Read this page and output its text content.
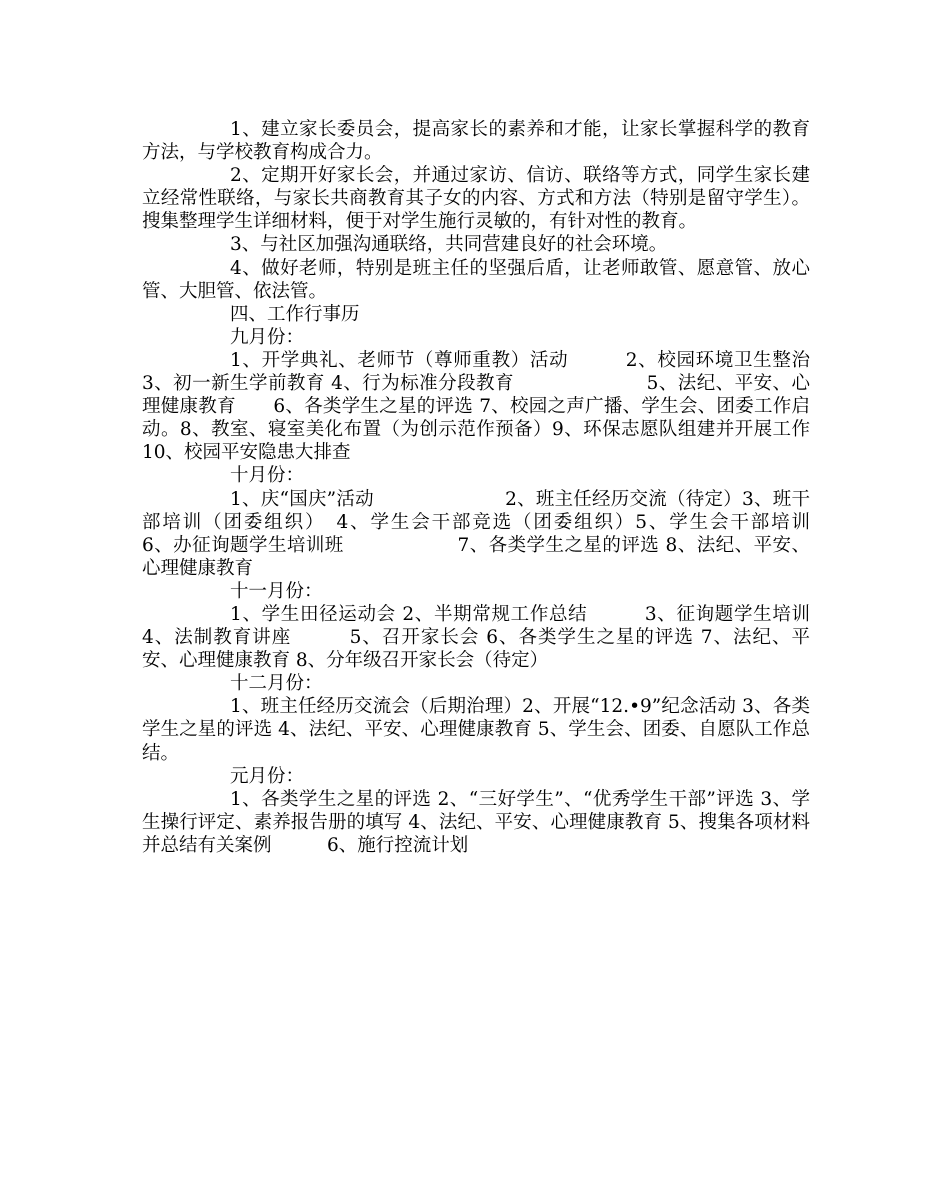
1、建立家长委员会，提高家长的素养和才能，让家长掌握科学的教育方法，与学校教育构成合力。

2、定期开好家长会，并通过家访、信访、联络等方式，同学生家长建立经常性联络，与家长共商教育其子女的内容、方式和方法（特别是留守学生）。搜集整理学生详细材料，便于对学生施行灵敏的，有针对性的教育。

3、与社区加强沟通联络，共同营建良好的社会环境。

4、做好老师，特别是班主任的坚强后盾，让老师敢管、愿意管、放心管、大胆管、依法管。

四、工作行事历

九月份：

1、开学典礼、老师节（尊师重教）活动　　　2、校园环境卫生整治 3、初一新生学前教育 4、行为标准分段教育　　　　　　　5、法纪、平安、心理健康教育　　6、各类学生之星的评选 7、校园之声广播、学生会、团委工作启动。8、教室、寝室美化布置（为创示范作预备）9、环保志愿队组建并开展工作 10、校园平安隐患大排查

十月份：

1、庆“国庆”活动　　　　　　　2、班主任经历交流（待定）3、班干部培训（团委组织）　4、学生会干部竞选（团委组织）5、学生会干部培训　　　　6、办征询题学生培训班　　　　　　7、各类学生之星的评选 8、法纪、平安、心理健康教育

十一月份：

1、学生田径运动会 2、半期常规工作总结　　　3、征询题学生培训 4、法制教育讲座　　　5、召开家长会 6、各类学生之星的评选 7、法纪、平安、心理健康教育 8、分年级召开家长会（待定）

十二月份：

1、班主任经历交流会（后期治理）2、开展“12.•9”纪念活动 3、各类学生之星的评选 4、法纪、平安、心理健康教育 5、学生会、团委、自愿队工作总结。

元月份：

1、各类学生之星的评选 2、“三好学生”、“优秀学生干部”评选 3、学生操行评定、素养报告册的填写 4、法纪、平安、心理健康教育 5、搜集各项材料并总结有关案例　　　6、施行控流计划
